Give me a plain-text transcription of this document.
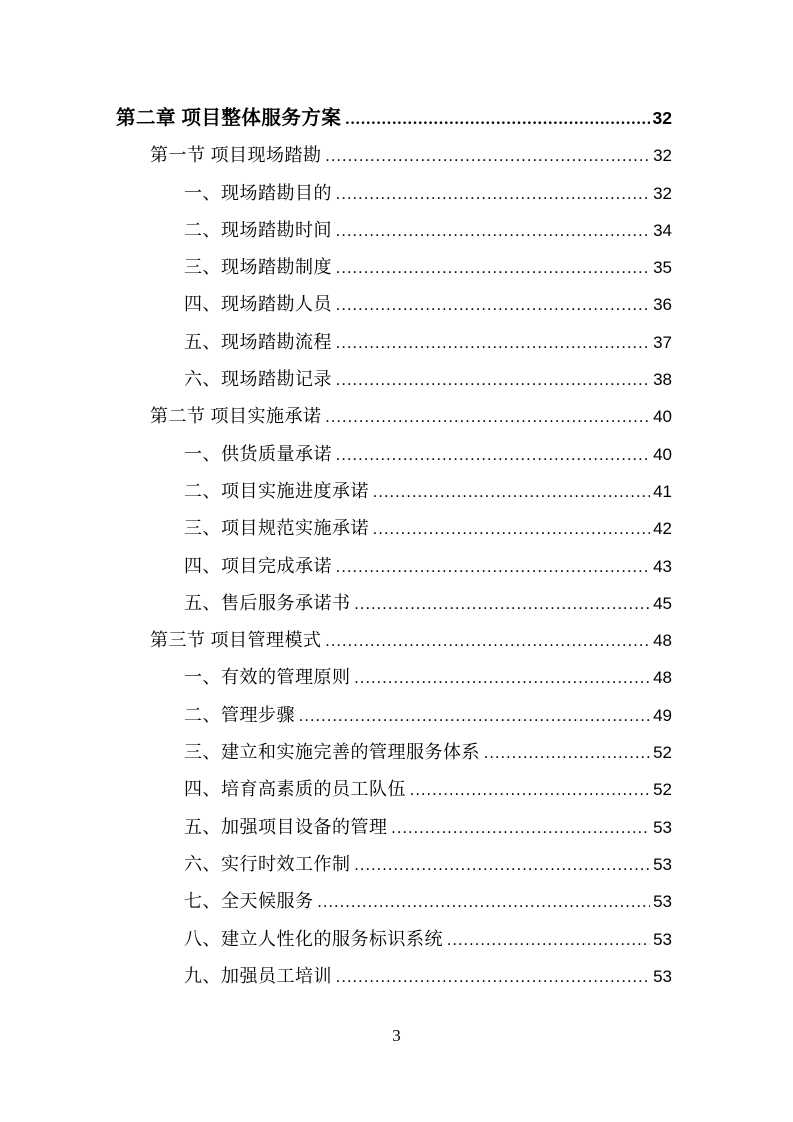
第二章 项目整体服务方案 .....	32
第一节 项目现场踏勘 .....	32
一、现场踏勘目的 .....	32
二、现场踏勘时间 .....	34
三、现场踏勘制度 .....	35
四、现场踏勘人员 .....	36
五、现场踏勘流程 .....	37
六、现场踏勘记录 .....	38
第二节 项目实施承诺 .....	40
一、供货质量承诺 .....	40
二、项目实施进度承诺 .....	41
三、项目规范实施承诺 .....	42
四、项目完成承诺 .....	43
五、售后服务承诺书 .....	45
第三节 项目管理模式 .....	48
一、有效的管理原则 .....	48
二、管理步骤 .....	49
三、建立和实施完善的管理服务体系 .....	52
四、培育高素质的员工队伍 .....	52
五、加强项目设备的管理 .....	53
六、实行时效工作制 .....	53
七、全天候服务 .....	53
八、建立人性化的服务标识系统 .....	53
九、加强员工培训 .....	53
3
